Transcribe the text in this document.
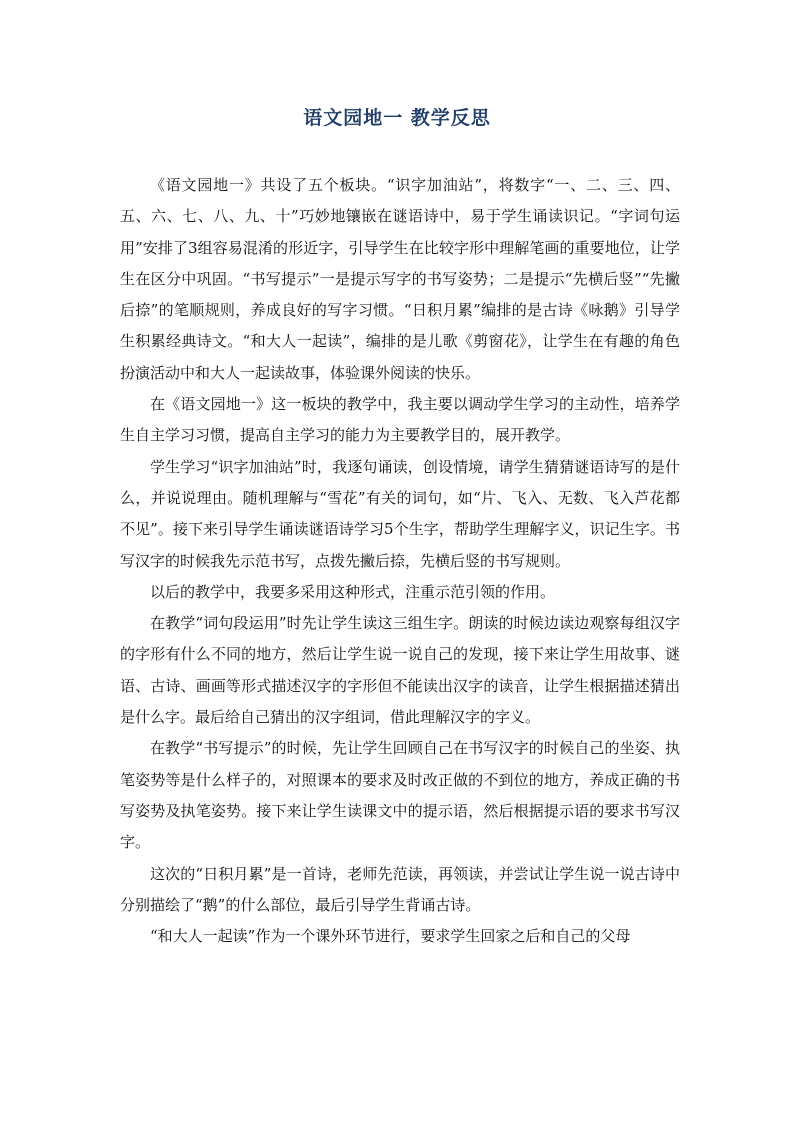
语文园地一 教学反思

《语文园地一》共设了五个板块。“识字加油站”，将数字“一、二、三、四、五、六、七、八、九、十”巧妙地镶嵌在谜语诗中，易于学生诵读识记。“字词句运用”安排了3组容易混淆的形近字，引导学生在比较字形中理解笔画的重要地位，让学生在区分中巩固。“书写提示”一是提示写字的书写姿势；二是提示“先横后竖”“先撇后捺”的笔顺规则，养成良好的写字习惯。“日积月累”编排的是古诗《咏鹅》引导学生积累经典诗文。“和大人一起读”，编排的是儿歌《剪窗花》，让学生在有趣的角色扮演活动中和大人一起读故事，体验课外阅读的快乐。

在《语文园地一》这一板块的教学中，我主要以调动学生学习的主动性，培养学生自主学习习惯，提高自主学习的能力为主要教学目的，展开教学。

学生学习“识字加油站”时，我逐句诵读，创设情境，请学生猜猜谜语诗写的是什么，并说说理由。随机理解与“雪花”有关的词句，如“片、飞入、无数、飞入芦花都不见”。接下来引导学生诵读谜语诗学习5个生字，帮助学生理解字义，识记生字。书写汉字的时候我先示范书写，点拨先撇后捺，先横后竖的书写规则。

以后的教学中，我要多采用这种形式，注重示范引领的作用。

在教学“词句段运用”时先让学生读这三组生字。朗读的时候边读边观察每组汉字的字形有什么不同的地方，然后让学生说一说自己的发现，接下来让学生用故事、谜语、古诗、画画等形式描述汉字的字形但不能读出汉字的读音，让学生根据描述猜出是什么字。最后给自己猜出的汉字组词，借此理解汉字的字义。

在教学“书写提示”的时候，先让学生回顾自己在书写汉字的时候自己的坐姿、执笔姿势等是什么样子的，对照课本的要求及时改正做的不到位的地方，养成正确的书写姿势及执笔姿势。接下来让学生读课文中的提示语，然后根据提示语的要求书写汉字。

这次的“日积月累”是一首诗，老师先范读，再领读，并尝试让学生说一说古诗中分别描绘了“鹅”的什么部位，最后引导学生背诵古诗。

“和大人一起读”作为一个课外环节进行，要求学生回家之后和自己的父母
